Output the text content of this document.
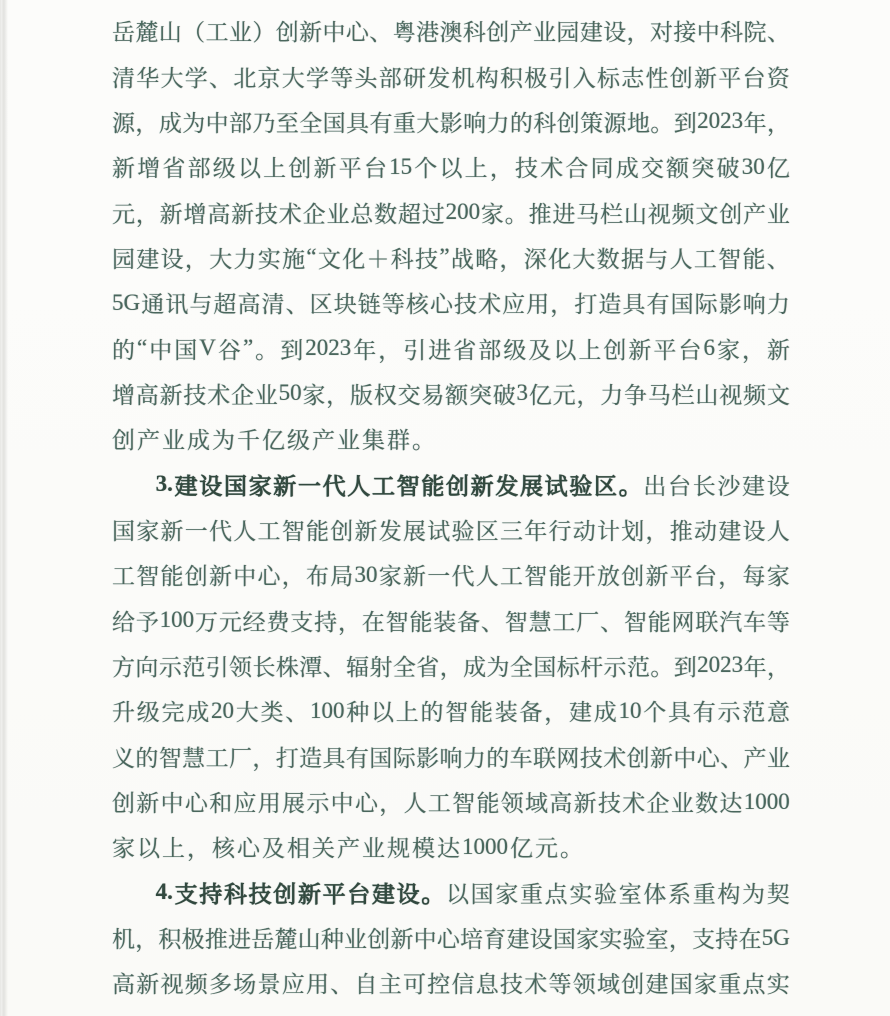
岳 麓 山 （ 工 业 ） 创 新 中 心 、 粤 港 澳 科 创 产 业 园 建 设 ， 对 接 中 科 院 、
清 华 大 学 、 北 京 大 学 等 头 部 研 发 机 构 积 极 引 入 标 志 性 创 新 平 台 资
源 ， 成 为 中 部 乃 至 全 国 具 有 重 大 影 响 力 的 科 创 策 源 地 。 到 2023 年 ，
新 增 省 部 级 以 上 创 新 平 台 15 个 以 上 ， 技 术 合 同 成 交 额 突 破 30 亿
元 ， 新 增 高 新 技 术 企 业 总 数 超 过 200 家 。 推 进 马 栏 山 视 频 文 创 产 业
园 建 设 ， 大 力 实 施 “ 文 化 ＋ 科 技 ” 战 略 ， 深 化 大 数 据 与 人 工 智 能 、
5G 通 讯 与 超 高 清 、 区 块 链 等 核 心 技 术 应 用 ， 打 造 具 有 国 际 影 响 力
的 “ 中 国 V 谷 ” 。 到 2023 年 ， 引 进 省 部 级 及 以 上 创 新 平 台 6 家 ， 新
增 高 新 技 术 企 业 50 家 ， 版 权 交 易 额 突 破 3 亿 元 ， 力 争 马 栏 山 视 频 文
创 产 业 成 为 千 亿 级 产 业 集 群 。
3. 建 设 国 家 新 一 代 人 工 智 能 创 新 发 展 试 验 区 。 出 台 长 沙 建 设
国 家 新 一 代 人 工 智 能 创 新 发 展 试 验 区 三 年 行 动 计 划 ， 推 动 建 设 人
工 智 能 创 新 中 心 ， 布 局 30 家 新 一 代 人 工 智 能 开 放 创 新 平 台 ， 每 家
给 予 100 万 元 经 费 支 持 ， 在 智 能 装 备 、 智 慧 工 厂 、 智 能 网 联 汽 车 等
方 向 示 范 引 领 长 株 潭 、 辐 射 全 省 ， 成 为 全 国 标 杆 示 范 。 到 2023 年 ，
升 级 完 成 20 大 类 、 100 种 以 上 的 智 能 装 备 ， 建 成 10 个 具 有 示 范 意
义 的 智 慧 工 厂 ， 打 造 具 有 国 际 影 响 力 的 车 联 网 技 术 创 新 中 心 、 产 业
创 新 中 心 和 应 用 展 示 中 心 ， 人 工 智 能 领 域 高 新 技 术 企 业 数 达 1000
家 以 上 ， 核 心 及 相 关 产 业 规 模 达 1000 亿 元 。
4. 支 持 科 技 创 新 平 台 建 设 。 以 国 家 重 点 实 验 室 体 系 重 构 为 契
机 ， 积 极 推 进 岳 麓 山 种 业 创 新 中 心 培 育 建 设 国 家 实 验 室 ， 支 持 在 5G
高 新 视 频 多 场 景 应 用 、 自 主 可 控 信 息 技 术 等 领 域 创 建 国 家 重 点 实
